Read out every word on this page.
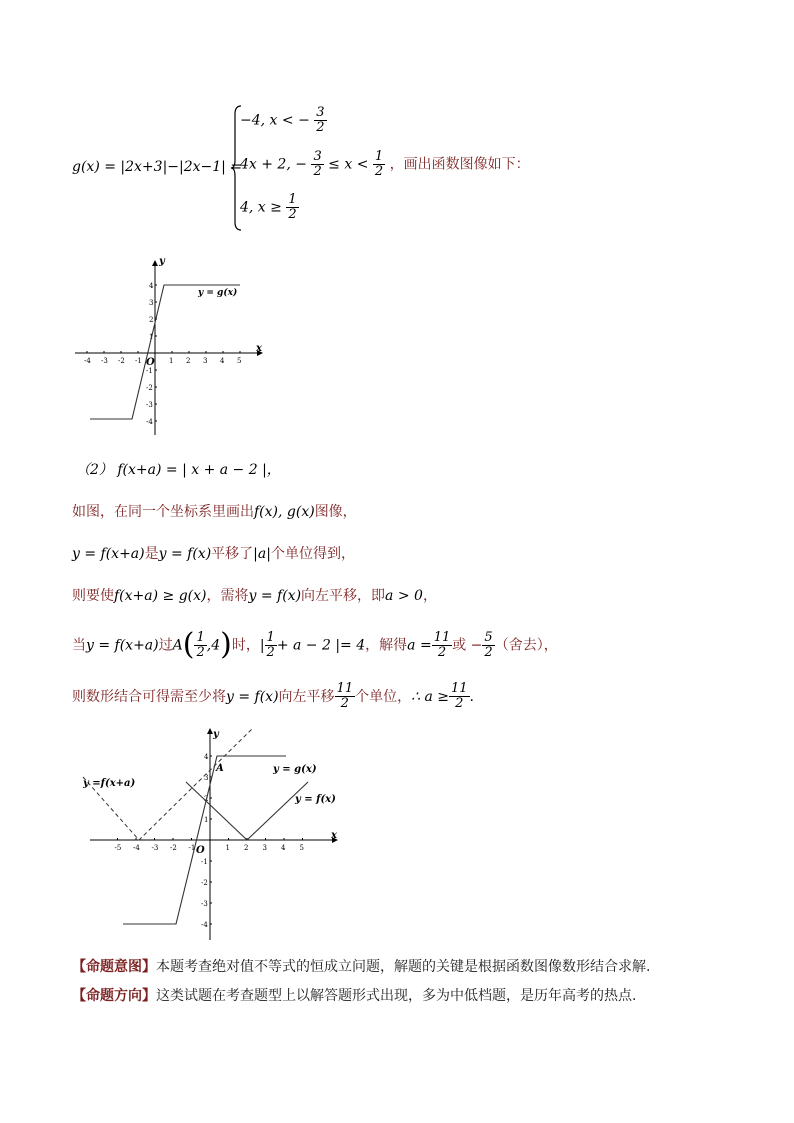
g(x) = |2x+3|−|2x−1| =
−4, x < − $\frac{3}{2}$
4x + 2, − $\frac{3}{2} \le x < \frac{1}{2}$ ，画出函数图像如下：
4, $x \ge \frac{1}{2}$
-4 -3 -2 -1	1 2 3 4 5
4
3
2
1
-1
-2
-3
-4
x
y
O
y = g(x)
（2） f(x+a) = | x + a − 2 |，
如图，在同一个坐标系里画出f(x), g(x)图像，
y = f(x+a)是y = f(x)平移了|a|个单位得到，
则要使f(x+a) ≥ g(x)，需将y = f(x)向左平移，即a > 0，
当y = f(x+a)过$A( \frac{1}{2} ,4)$时，| $\frac{1}{2} + a - 2$ |= 4，解得$a = \frac{11}{2}$ 或 − $\frac{5}{2}$ （舍去），
则数形结合可得需至少将y = f(x)向左平移 $\frac{11}{2}$ 个单位，∴ $a \ge \frac{11}{2}$ .
-5 -4 -3 -2 -1	1 2 3 4 5
4
3
2
1
-1
-2
-3
-4
x
y
O
A	y = g(x)
y = f(x)
y =f(x+a)
【命题意图】本题考查绝对值不等式的恒成立问题，解题的关键是根据函数图像数形结合求解.
【命题方向】这类试题在考查题型上以解答题形式出现，多为中低档题，是历年高考的热点.
